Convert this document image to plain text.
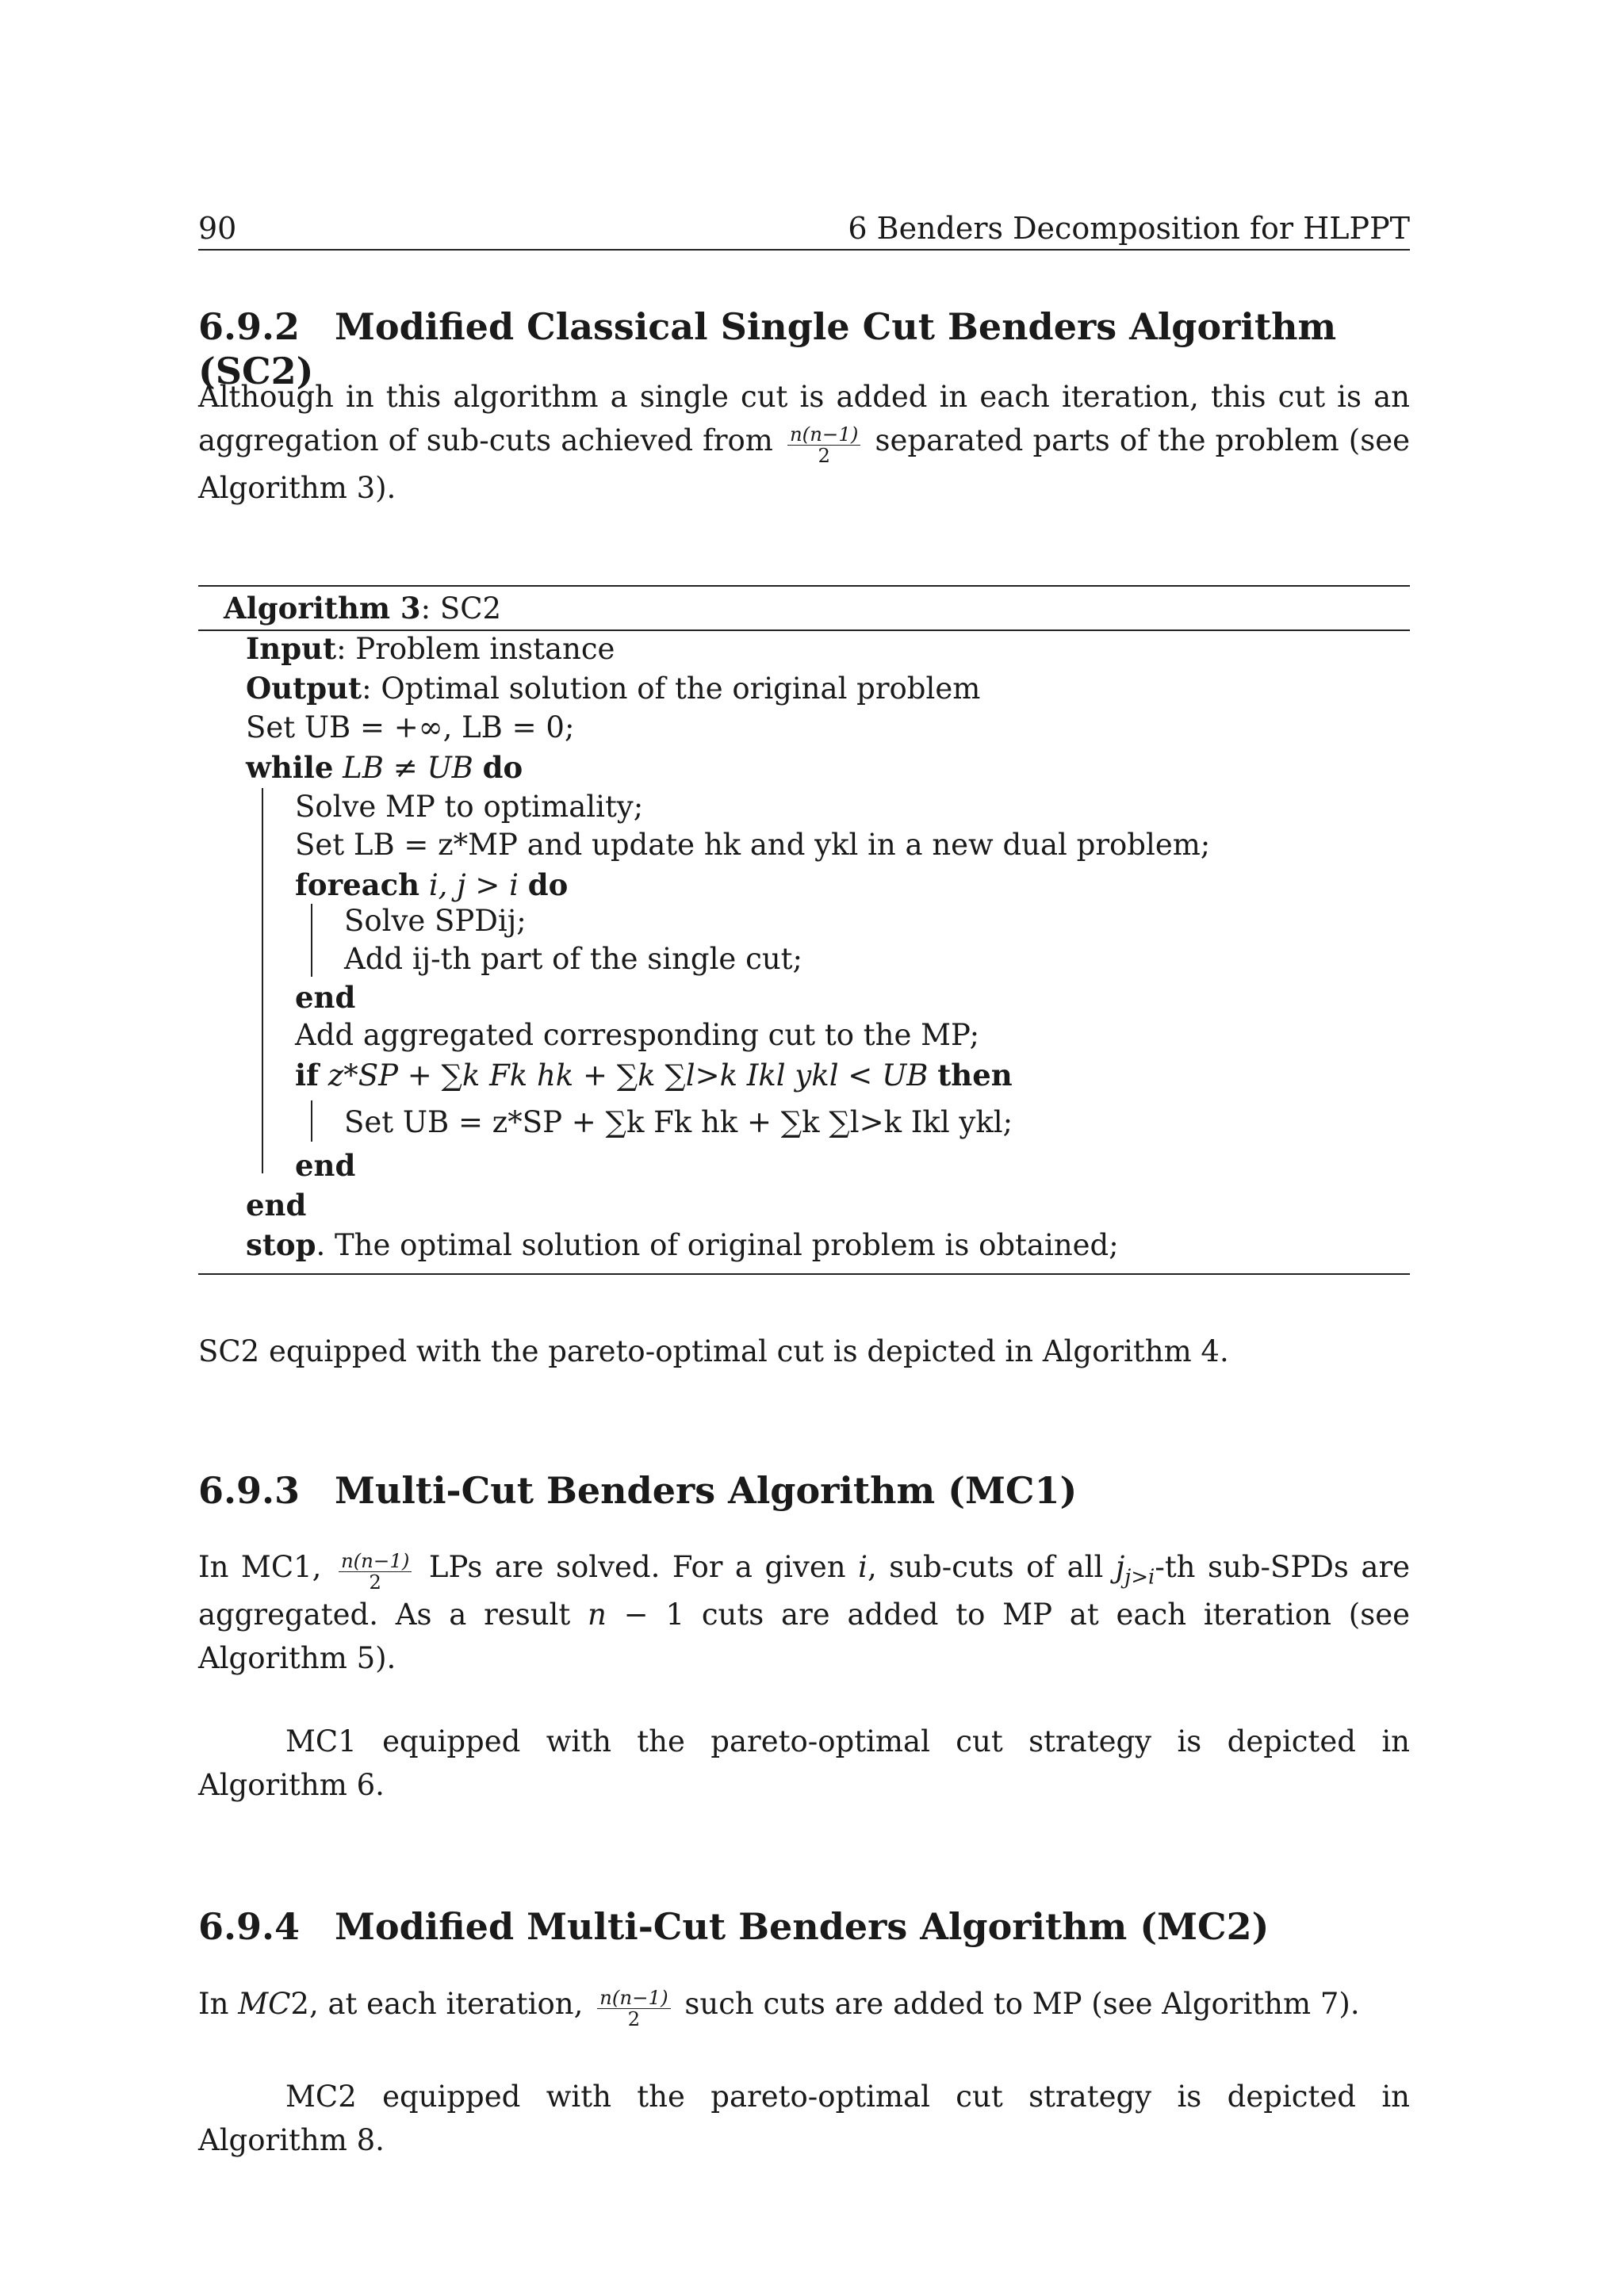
90	6 Benders Decomposition for HLPPT
6.9.2 Modified Classical Single Cut Benders Algorithm (SC2)
Although in this algorithm a single cut is added in each iteration, this cut is an aggregation of sub-cuts achieved from $\frac{n(n-1)}{2}$ separated parts of the problem (see Algorithm 3).
Algorithm 3: SC2
Input: Problem instance
Output: Optimal solution of the original problem
Set UB = +∞, LB = 0;
while LB ≠ UB do
Solve MP to optimality;
Set LB = z*MP and update hk and ykl in a new dual problem;
foreach i, j > i do
Solve SPDij;
Add ij-th part of the single cut;
end
Add aggregated corresponding cut to the MP;
if z*SP + ∑k Fk hk + ∑k ∑l>k Ikl ykl < UB then
Set UB = z*SP + ∑k Fk hk + ∑k ∑l>k Ikl ykl;
end
end
stop. The optimal solution of original problem is obtained;
SC2 equipped with the pareto-optimal cut is depicted in Algorithm 4.
6.9.3 Multi-Cut Benders Algorithm (MC1)
In MC1, $\frac{n(n-1)}{2}$ LPs are solved. For a given i, sub-cuts of all $j_{j>i}-th$ sub-SPDs are aggregated. As a result n − 1 cuts are added to MP at each iteration (see Algorithm 5).
MC1 equipped with the pareto-optimal cut strategy is depicted in Algorithm 6.
6.9.4 Modified Multi-Cut Benders Algorithm (MC2)
In MC2, at each iteration, $\frac{n(n-1)}{2}$ such cuts are added to MP (see Algorithm 7).
MC2 equipped with the pareto-optimal cut strategy is depicted in Algorithm 8.
